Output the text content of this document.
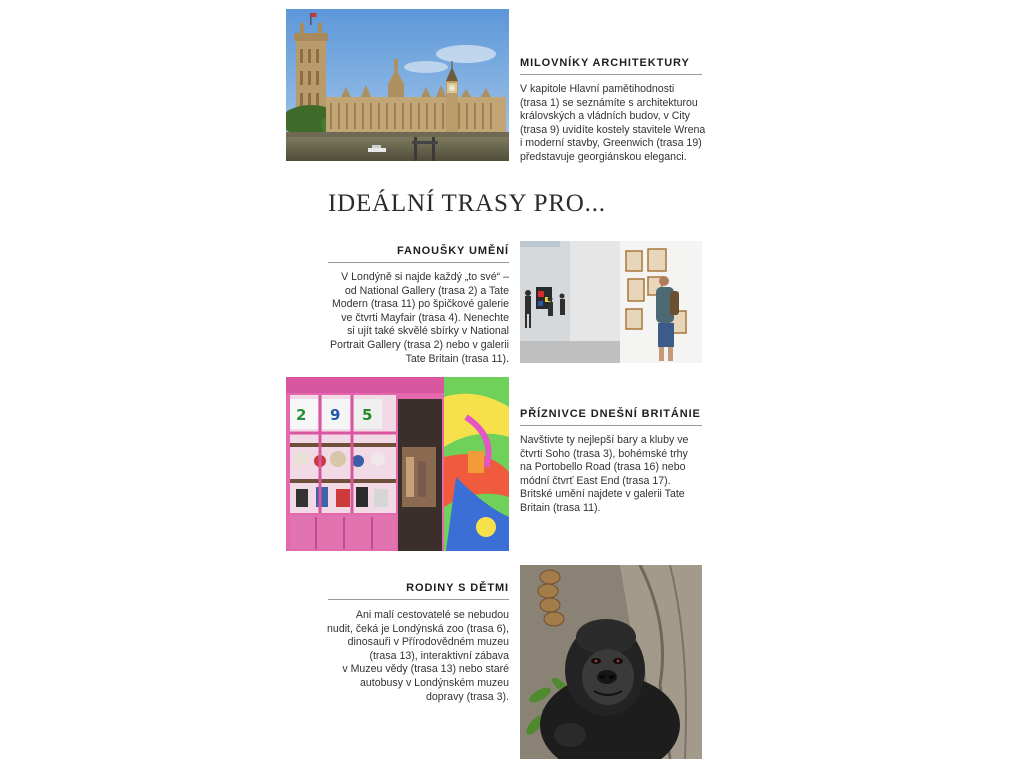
MILOVNÍKY ARCHITEKTURY

V kapitole Hlavní pamětihodnosti
(trasa 1) se seznámíte s architekturou
královských a vládních budov, v City
(trasa 9) uvidíte kostely stavitele Wrena
i moderní stavby, Greenwich (trasa 19)
představuje georgiánskou eleganci.

IDEÁLNÍ TRASY PRO...
FANOUŠKY UMĚNÍ

V Londýně si najde každý „to své“ –
od National Gallery (trasa 2) a Tate
Modern (trasa 11) po špičkové galerie
ve čtvrti Mayfair (trasa 4). Nenechte
si ujít také skvělé sbírky v National
Portrait Gallery (trasa 2) nebo v galerii
Tate Britain (trasa 11).

2 9 5	PŘÍZNIVCE DNEŠNÍ BRITÁNIE

Navštivte ty nejlepší bary a kluby ve
čtvrti Soho (trasa 3), bohémské trhy
na Portobello Road (trasa 16) nebo
módní čtvrť East End (trasa 17).
Britské umění najdete v galerii Tate
Britain (trasa 11).

RODINY S DĚTMI

Ani malí cestovatelé se nebudou
nudit, čeká je Londýnská zoo (trasa 6),
dinosauři v Přírodovědném muzeu
(trasa 13), interaktivní zábava
v Muzeu vědy (trasa 13) nebo staré
autobusy v Londýnském muzeu
dopravy (trasa 3).
